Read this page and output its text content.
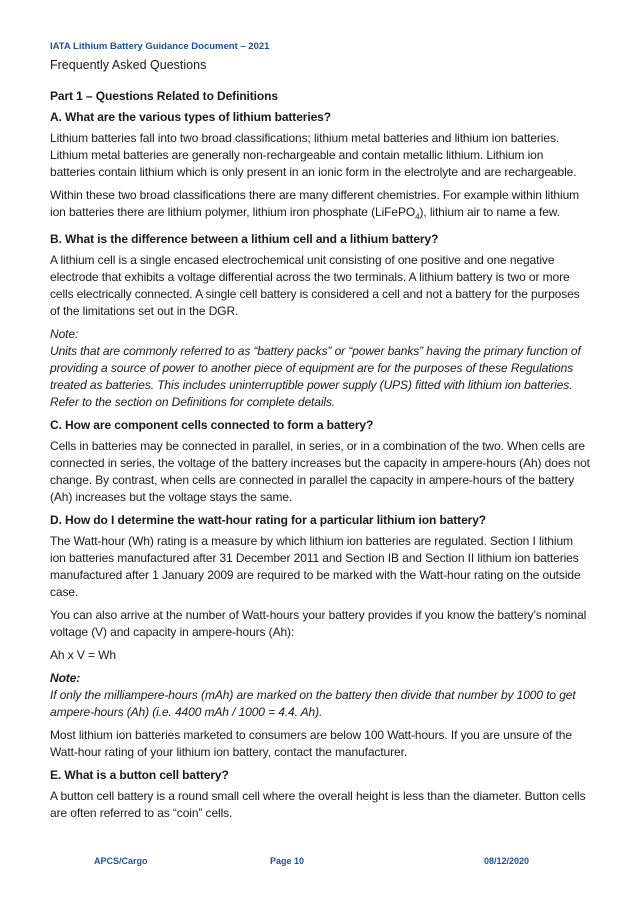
IATA Lithium Battery Guidance Document – 2021
Frequently Asked Questions
Part 1 – Questions Related to Definitions
A. What are the various types of lithium batteries?

Lithium batteries fall into two broad classifications; lithium metal batteries and lithium ion batteries. Lithium metal batteries are generally non-rechargeable and contain metallic lithium. Lithium ion batteries contain lithium which is only present in an ionic form in the electrolyte and are rechargeable.

Within these two broad classifications there are many different chemistries. For example within lithium ion batteries there are lithium polymer, lithium iron phosphate (LiFePO$_4$), lithium air to name a few.

B. What is the difference between a lithium cell and a lithium battery?

A lithium cell is a single encased electrochemical unit consisting of one positive and one negative electrode that exhibits a voltage differential across the two terminals. A lithium battery is two or more cells electrically connected. A single cell battery is considered a cell and not a battery for the purposes of the limitations set out in the DGR.

Note:
Units that are commonly referred to as “battery packs” or “power banks” having the primary function of providing a source of power to another piece of equipment are for the purposes of these Regulations treated as batteries. This includes uninterruptible power supply (UPS) fitted with lithium ion batteries. Refer to the section on Definitions for complete details.
C. How are component cells connected to form a battery?

Cells in batteries may be connected in parallel, in series, or in a combination of the two. When cells are connected in series, the voltage of the battery increases but the capacity in ampere-hours (Ah) does not change. By contrast, when cells are connected in parallel the capacity in ampere-hours of the battery (Ah) increases but the voltage stays the same.

D. How do I determine the watt-hour rating for a particular lithium ion battery?

The Watt-hour (Wh) rating is a measure by which lithium ion batteries are regulated. Section I lithium ion batteries manufactured after 31 December 2011 and Section IB and Section II lithium ion batteries manufactured after 1 January 2009 are required to be marked with the Watt-hour rating on the outside case.

You can also arrive at the number of Watt-hours your battery provides if you know the battery’s nominal voltage (V) and capacity in ampere-hours (Ah):

Ah x V = Wh

Note:
If only the milliampere-hours (mAh) are marked on the battery then divide that number by 1000 to get ampere-hours (Ah) (i.e. 4400 mAh / 1000 = 4.4. Ah).

Most lithium ion batteries marketed to consumers are below 100 Watt-hours. If you are unsure of the Watt-hour rating of your lithium ion battery, contact the manufacturer.

E. What is a button cell battery?

A button cell battery is a round small cell where the overall height is less than the diameter. Button cells are often referred to as “coin” cells.

APCS/Cargo	Page 10	08/12/2020
